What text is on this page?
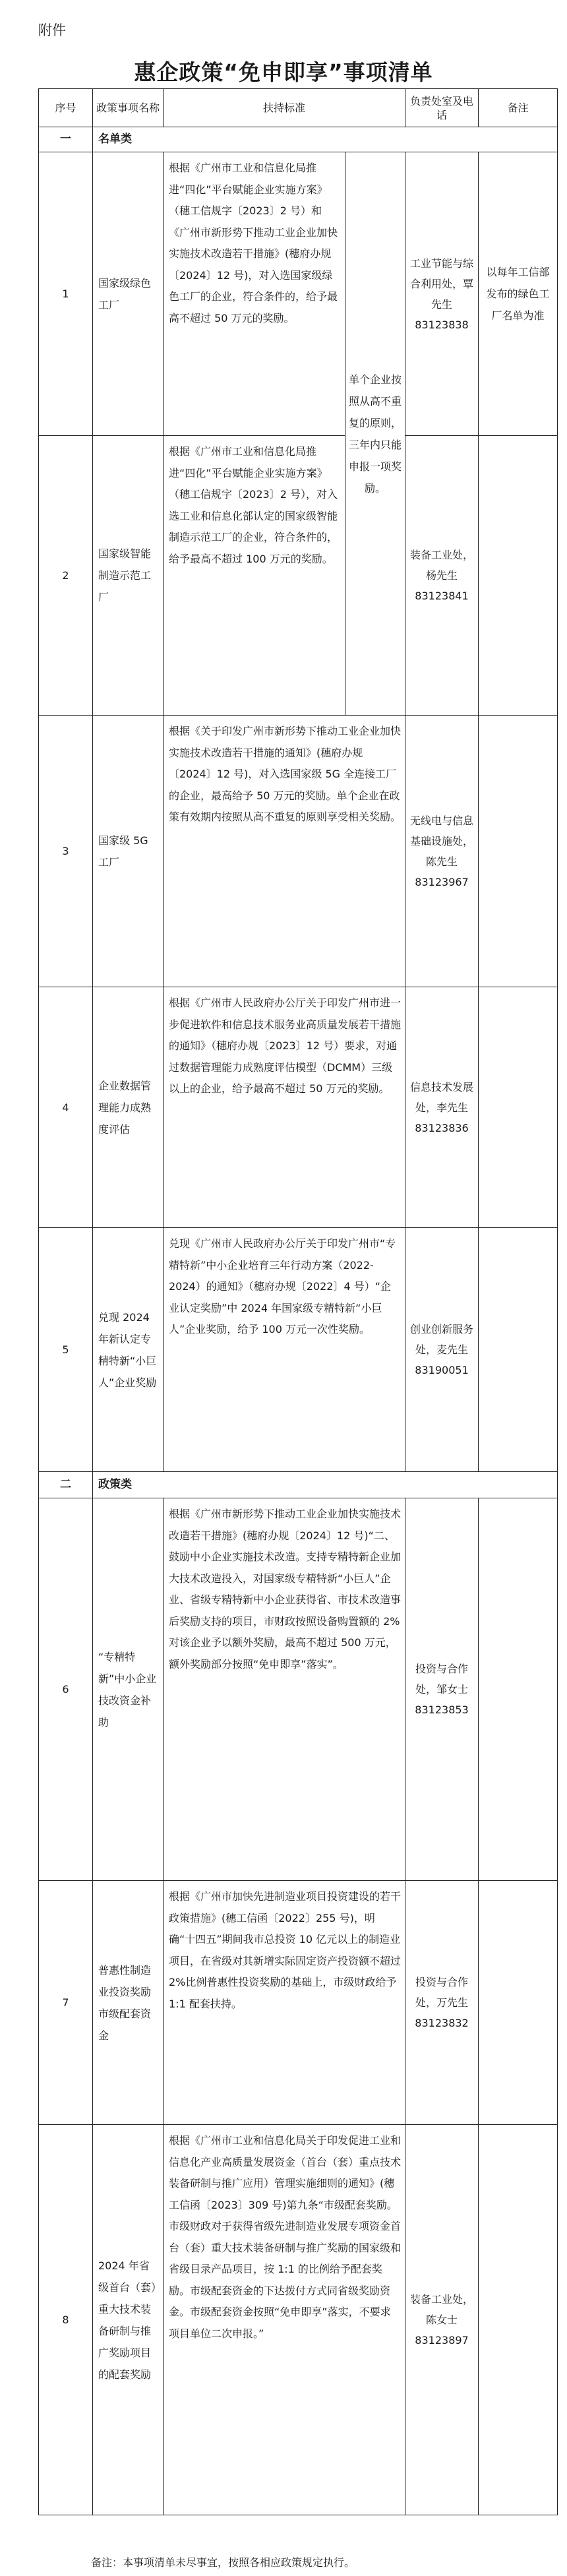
附件
惠企政策“免申即享”事项清单
序号	政策事项名称	扶持标准		负责处室及电话	备注
一	名单类				
1	国家级绿色工厂	根据《广州市工业和信息化局推进“四化”平台赋能企业实施方案》（穗工信规字〔2023〕2 号）和《广州市新形势下推动工业企业加快实施技术改造若干措施》(穗府办规〔2024〕12 号)，对入选国家级绿色工厂的企业，符合条件的，给予最高不超过 50 万元的奖励。	单个企业按照从高不重复的原则，三年内只能申报一项奖励。	工业节能与综合利用处，覃先生 83123838	以每年工信部发布的绿色工厂名单为准
2	国家级智能制造示范工厂	根据《广州市工业和信息化局推进“四化”平台赋能企业实施方案》（穗工信规字〔2023〕2 号），对入选工业和信息化部认定的国家级智能制造示范工厂的企业，符合条件的，给予最高不超过 100 万元的奖励。		装备工业处，杨先生 83123841	
3	国家级 5G 工厂	根据《关于印发广州市新形势下推动工业企业加快实施技术改造若干措施的通知》(穗府办规〔2024〕12 号)，对入选国家级 5G 全连接工厂的企业，最高给予 50 万元的奖励。单个企业在政策有效期内按照从高不重复的原则享受相关奖励。		无线电与信息基础设施处，陈先生 83123967	
4	企业数据管理能力成熟度评估	根据《广州市人民政府办公厅关于印发广州市进一步促进软件和信息技术服务业高质量发展若干措施的通知》（穗府办规〔2023〕12 号）要求，对通过数据管理能力成熟度评估模型（DCMM）三级以上的企业，给予最高不超过 50 万元的奖励。		信息技术发展处，李先生 83123836	
5	兑现 2024 年新认定专精特新“小巨人”企业奖励	兑现《广州市人民政府办公厅关于印发广州市“专精特新”中小企业培育三年行动方案（2022-2024）的通知》（穗府办规〔2022〕4 号）“企业认定奖励”中 2024 年国家级专精特新“小巨人”企业奖励，给予 100 万元一次性奖励。		创业创新服务处，麦先生 83190051	
二	政策类				
6	“专精特新”中小企业技改资金补助	根据《广州市新形势下推动工业企业加快实施技术改造若干措施》(穗府办规〔2024〕12 号)“二、鼓励中小企业实施技术改造。支持专精特新企业加大技术改造投入，对国家级专精特新“小巨人”企业、省级专精特新中小企业获得省、市技术改造事后奖励支持的项目，市财政按照设备购置额的 2%对该企业予以额外奖励，最高不超过 500 万元，额外奖励部分按照“免申即享”落实”。		投资与合作处，邹女士 83123853	
7	普惠性制造业投资奖励市级配套资金	根据《广州市加快先进制造业项目投资建设的若干政策措施》(穗工信函〔2022〕255 号)，明确“十四五”期间我市总投资 10 亿元以上的制造业项目，在省级对其新增实际固定资产投资额不超过 2%比例普惠性投资奖励的基础上，市级财政给予 1:1 配套扶持。		投资与合作处，万先生 83123832	
8	2024 年省级首台（套）重大技术装备研制与推广奖励项目的配套奖励	根据《广州市工业和信息化局关于印发促进工业和信息化产业高质量发展资金（首台（套）重点技术装备研制与推广应用）管理实施细则的通知》(穗工信函〔2023〕309 号)第九条“市级配套奖励。市级财政对于获得省级先进制造业发展专项资金首台（套）重大技术装备研制与推广奖励的国家级和省级目录产品项目，按 1:1 的比例给予配套奖励。市级配套资金的下达拨付方式同省级奖励资金。市级配套资金按照“免申即享”落实，不要求项目单位二次申报。”		装备工业处，陈女士 83123897	
备注：本事项清单未尽事宜，按照各相应政策规定执行。
